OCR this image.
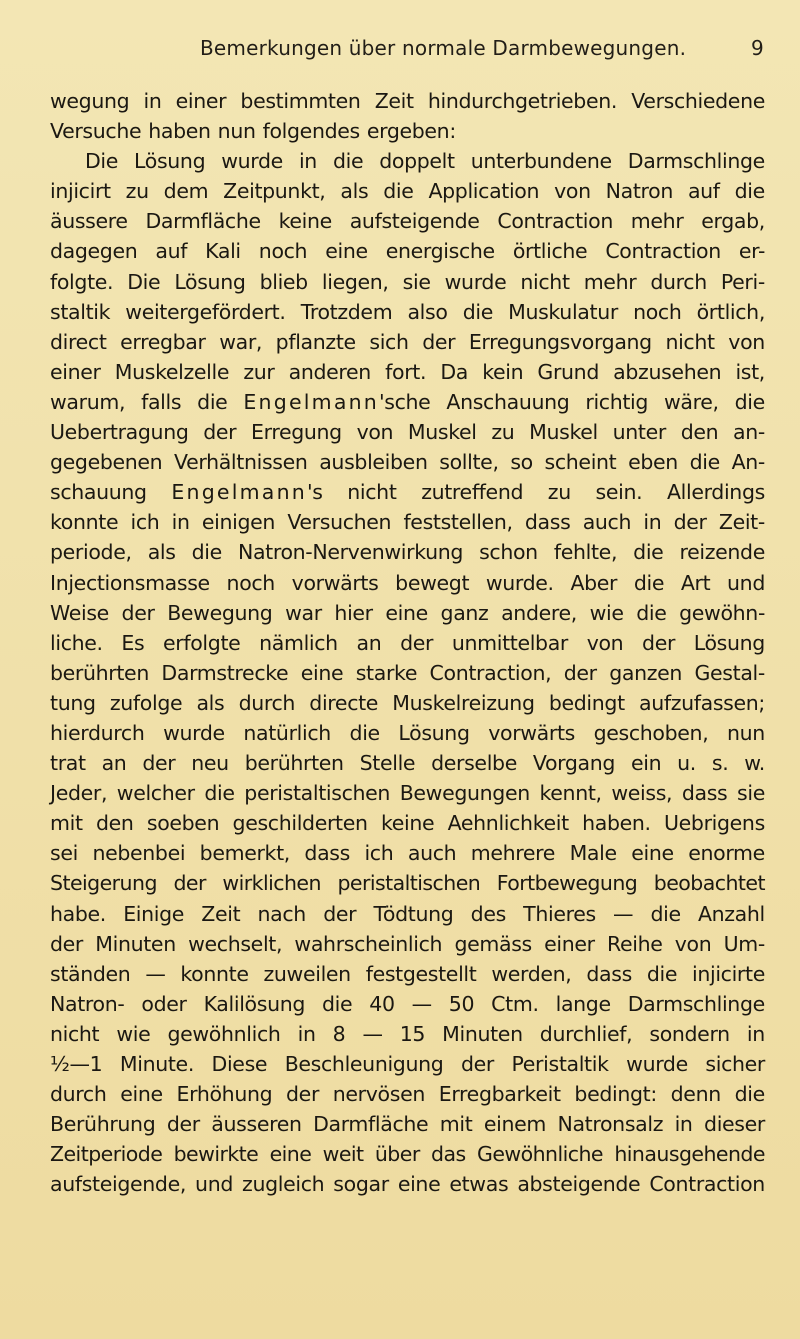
Bemerkungen über normale Darmbewegungen.	9
wegung in einer bestimmten Zeit hindurchgetrieben. Verschiedene
Versuche haben nun folgendes ergeben:
Die Lösung wurde in die doppelt unterbundene Darmschlinge
injicirt zu dem Zeitpunkt, als die Application von Natron auf die
äussere Darmfläche keine aufsteigende Contraction mehr ergab,
dagegen auf Kali noch eine energische örtliche Contraction er-
folgte. Die Lösung blieb liegen, sie wurde nicht mehr durch Peri-
staltik weitergefördert. Trotzdem also die Muskulatur noch örtlich,
direct erregbar war, pflanzte sich der Erregungsvorgang nicht von
einer Muskelzelle zur anderen fort. Da kein Grund abzusehen ist,
warum, falls die Engelmann'sche Anschauung richtig wäre, die
Uebertragung der Erregung von Muskel zu Muskel unter den an-
gegebenen Verhältnissen ausbleiben sollte, so scheint eben die An-
schauung Engelmann's nicht zutreffend zu sein. Allerdings
konnte ich in einigen Versuchen feststellen, dass auch in der Zeit-
periode, als die Natron-Nervenwirkung schon fehlte, die reizende
Injectionsmasse noch vorwärts bewegt wurde. Aber die Art und
Weise der Bewegung war hier eine ganz andere, wie die gewöhn-
liche. Es erfolgte nämlich an der unmittelbar von der Lösung
berührten Darmstrecke eine starke Contraction, der ganzen Gestal-
tung zufolge als durch directe Muskelreizung bedingt aufzufassen;
hierdurch wurde natürlich die Lösung vorwärts geschoben, nun
trat an der neu berührten Stelle derselbe Vorgang ein u. s. w.
Jeder, welcher die peristaltischen Bewegungen kennt, weiss, dass sie
mit den soeben geschilderten keine Aehnlichkeit haben. Uebrigens
sei nebenbei bemerkt, dass ich auch mehrere Male eine enorme
Steigerung der wirklichen peristaltischen Fortbewegung beobachtet
habe. Einige Zeit nach der Tödtung des Thieres — die Anzahl
der Minuten wechselt, wahrscheinlich gemäss einer Reihe von Um-
ständen — konnte zuweilen festgestellt werden, dass die injicirte
Natron- oder Kalilösung die 40 — 50 Ctm. lange Darmschlinge
nicht wie gewöhnlich in 8 — 15 Minuten durchlief, sondern in
½—1 Minute. Diese Beschleunigung der Peristaltik wurde sicher
durch eine Erhöhung der nervösen Erregbarkeit bedingt: denn die
Berührung der äusseren Darmfläche mit einem Natronsalz in dieser
Zeitperiode bewirkte eine weit über das Gewöhnliche hinausgehende
aufsteigende, und zugleich sogar eine etwas absteigende Contraction
